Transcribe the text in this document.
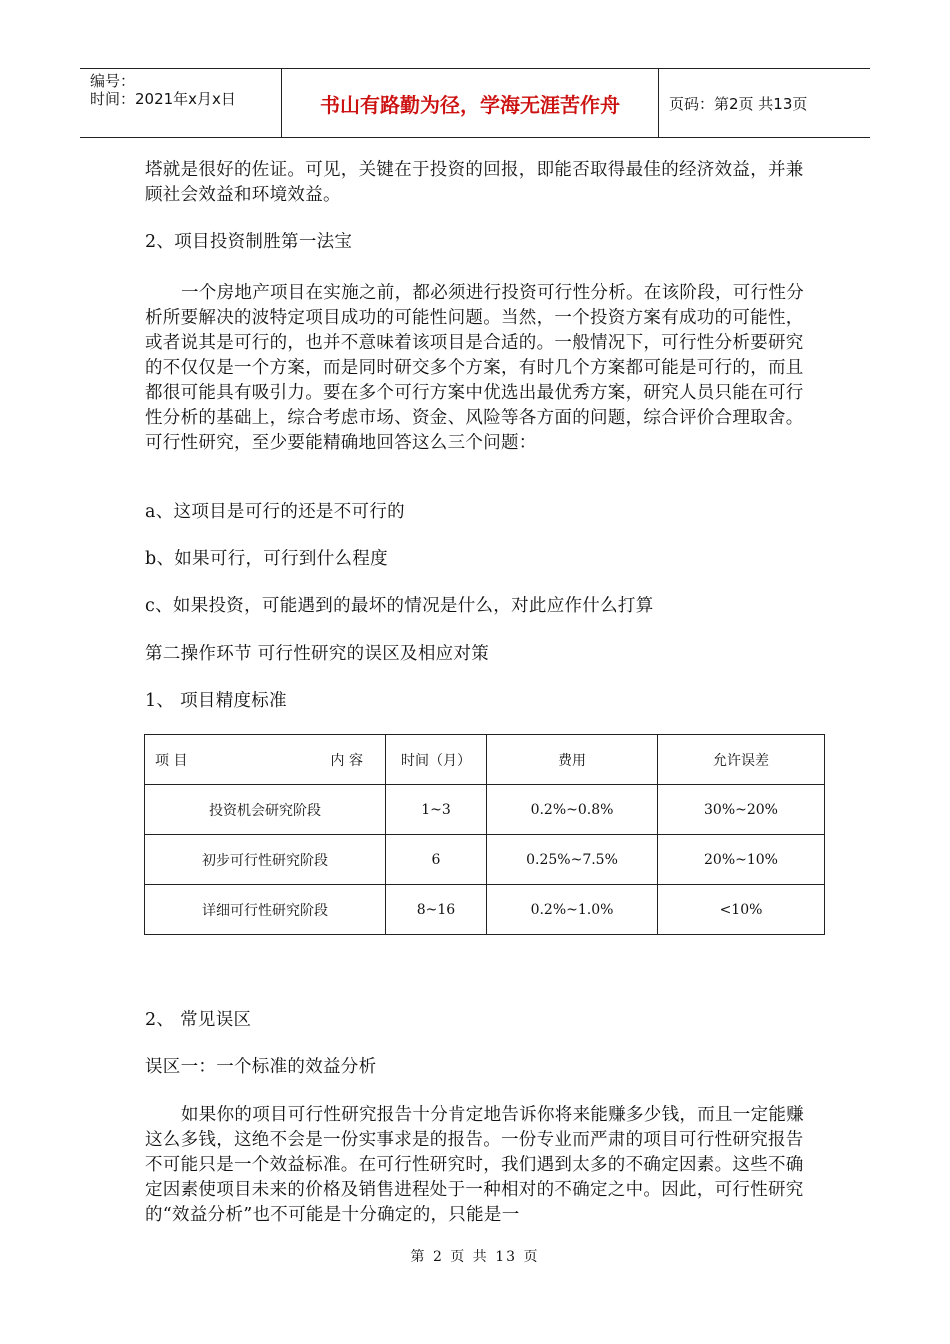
编号：
时间：2021年x月x日	书山有路勤为径，学海无涯苦作舟	页码：第2页 共13页

塔就是很好的佐证。可见，关键在于投资的回报，即能否取得最佳的经济效益，并兼顾社会效益和环境效益。

2、项目投资制胜第一法宝

一个房地产项目在实施之前，都必须进行投资可行性分析。在该阶段，可行性分析所要解决的波特定项目成功的可能性问题。当然，一个投资方案有成功的可能性，或者说其是可行的，也并不意味着该项目是合适的。一般情况下，可行性分析要研究的不仅仅是一个方案，而是同时研交多个方案，有时几个方案都可能是可行的，而且都很可能具有吸引力。要在多个可行方案中优选出最优秀方案，研究人员只能在可行性分析的基础上，综合考虑市场、资金、风险等各方面的问题，综合评价合理取舍。可行性研究，至少要能精确地回答这么三个问题：

a、这项目是可行的还是不可行的

b、如果可行，可行到什么程度

c、如果投资，可能遇到的最坏的情况是什么，对此应作什么打算

第二操作环节 可行性研究的误区及相应对策

1、 项目精度标准

项 目 内 容	时间（月）	费用	允许误差
投资机会研究阶段	1~3	0.2%~0.8%	30%~20%
初步可行性研究阶段	6	0.25%~7.5%	20%~10%
详细可行性研究阶段	8~16	0.2%~1.0%	<10%

2、 常见误区

误区一：一个标准的效益分析

如果你的项目可行性研究报告十分肯定地告诉你将来能赚多少钱，而且一定能赚这么多钱，这绝不会是一份实事求是的报告。一份专业而严肃的项目可行性研究报告不可能只是一个效益标准。在可行性研究时，我们遇到太多的不确定因素。这些不确定因素使项目未来的价格及销售进程处于一种相对的不确定之中。因此，可行性研究的“效益分析”也不可能是十分确定的，只能是一

第 2 页 共 13 页
